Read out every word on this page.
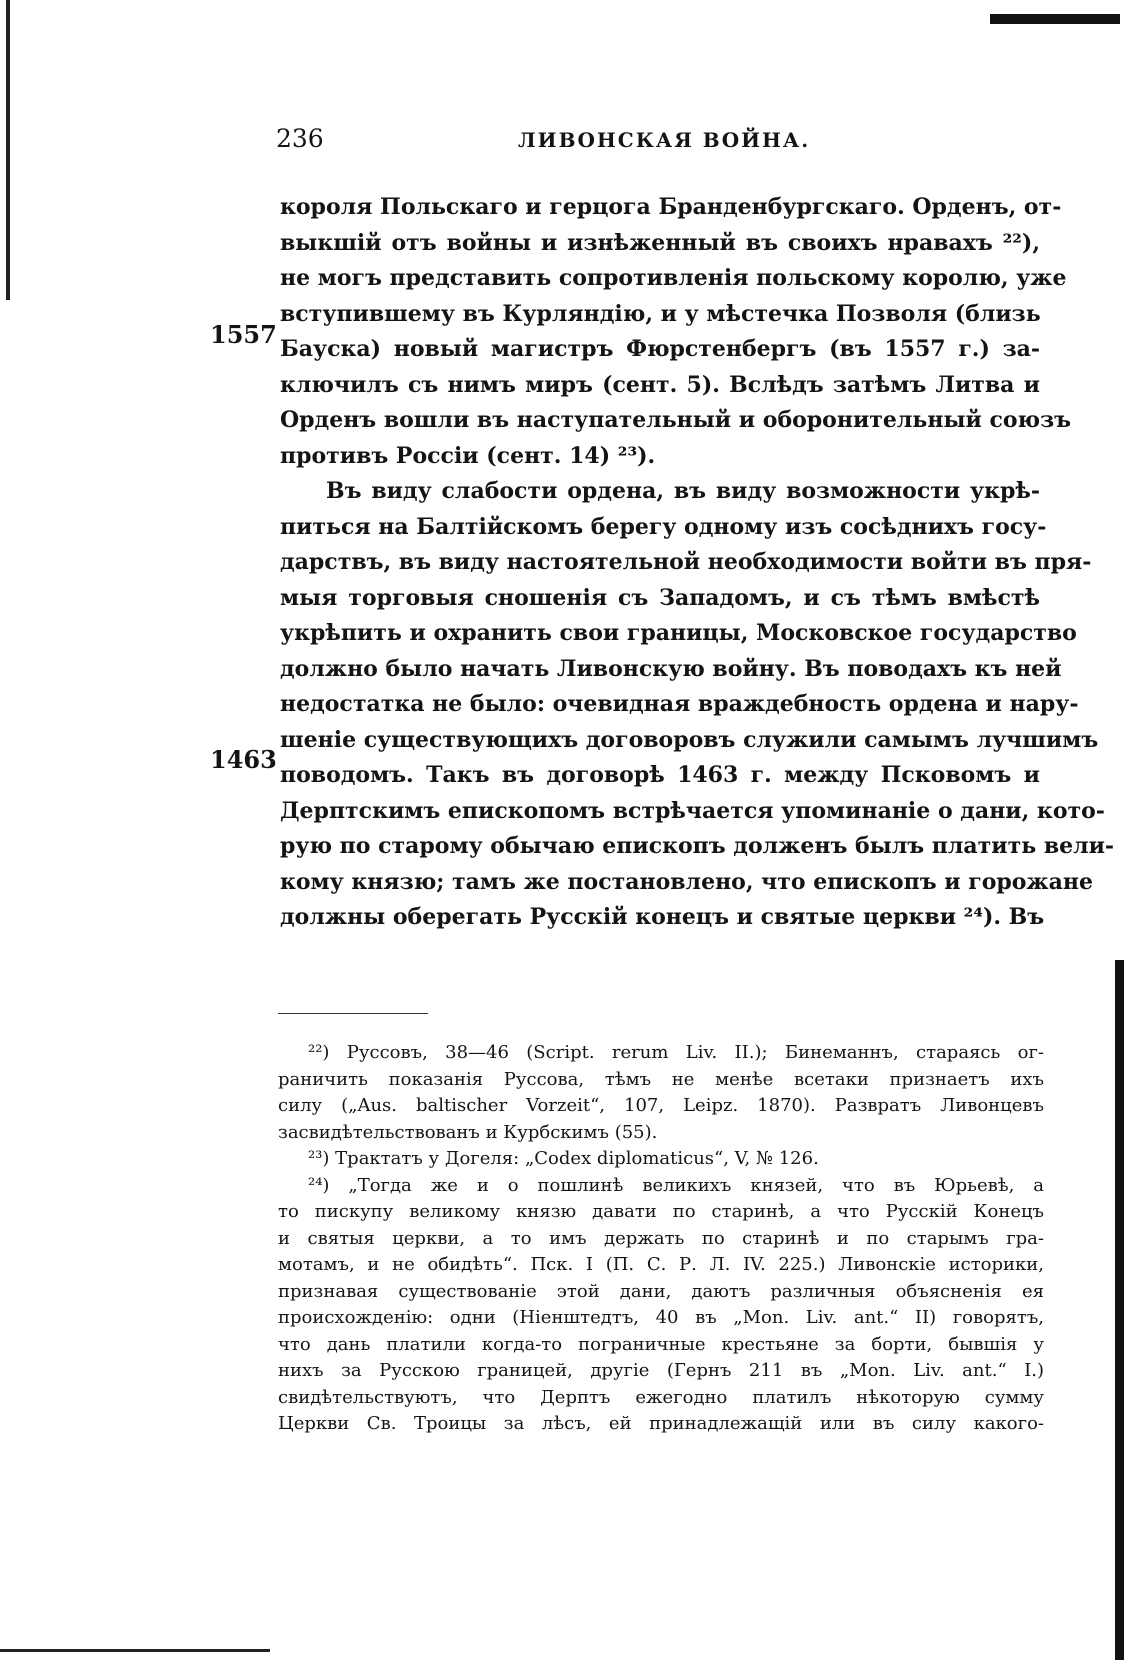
236	ЛИВОНСКАЯ ВОЙНА.
1557
1463

короля Польскаго и герцога Бранденбургскаго. Орденъ, от-

выкшій отъ войны и изнѣженный въ своихъ нравахъ ²²),

не могъ представить сопротивленія польскому королю, уже

вступившему въ Курляндію, и у мѣстечка Позволя (близь

Бауска) новый магистръ Фюрстенбергъ (въ 1557 г.) за-

ключилъ съ нимъ миръ (сент. 5). Вслѣдъ затѣмъ Литва и

Орденъ вошли въ наступательный и оборонительный союзъ

противъ Россіи (сент. 14) ²³).

Въ виду слабости ордена, въ виду возможности укрѣ-

питься на Балтійскомъ берегу одному изъ сосѣднихъ госу-

дарствъ, въ виду настоятельной необходимости войти въ пря-

мыя торговыя сношенія съ Западомъ, и съ тѣмъ вмѣстѣ

укрѣпить и охранить свои границы, Московское государство

должно было начать Ливонскую войну. Въ поводахъ къ ней

недостатка не было: очевидная враждебность ордена и нару-

шеніе существующихъ договоровъ служили самымъ лучшимъ

поводомъ. Такъ въ договорѣ 1463 г. между Псковомъ и

Дерптскимъ епископомъ встрѣчается упоминаніе о дани, кото-

рую по старому обычаю епископъ долженъ былъ платить вели-

кому князю; тамъ же постановлено, что епископъ и горожане

должны оберегать Русскій конецъ и святые церкви ²⁴). Въ

²²) Руссовъ, 38—46 (Script. rerum Liv. II.); Бинеманнъ, стараясь ог-

раничить показанія Руссова, тѣмъ не менѣе всетаки признаетъ ихъ

силу („Aus. baltischer Vorzeit“, 107, Leipz. 1870). Развратъ Ливонцевъ

засвидѣтельствованъ и Курбскимъ (55).

²³) Трактатъ у Догеля: „Codex diplomaticus“, V, № 126.

²⁴) „Тогда же и о пошлинѣ великихъ князей, что въ Юрьевѣ, а

то пискупу великому князю давати по старинѣ, а что Русскій Конецъ

и святыя церкви, а то имъ держать по старинѣ и по старымъ гра-

мотамъ, и не обидѣть“. Пск. I (П. С. Р. Л. IV. 225.) Ливонскіе историки,

признавая существованіе этой дани, даютъ различныя объясненія ея

происхожденію: одни (Ніенштедтъ, 40 въ „Mon. Liv. ant.“ II) говорятъ,

что дань платили когда-то пограничные крестьяне за борти, бывшія у

нихъ за Русскою границей, другіе (Гернъ 211 въ „Mon. Liv. ant.“ I.)

свидѣтельствуютъ, что Дерптъ ежегодно платилъ нѣкоторую сумму

Церкви Св. Троицы за лѣсъ, ей принадлежащій или въ силу какого-
